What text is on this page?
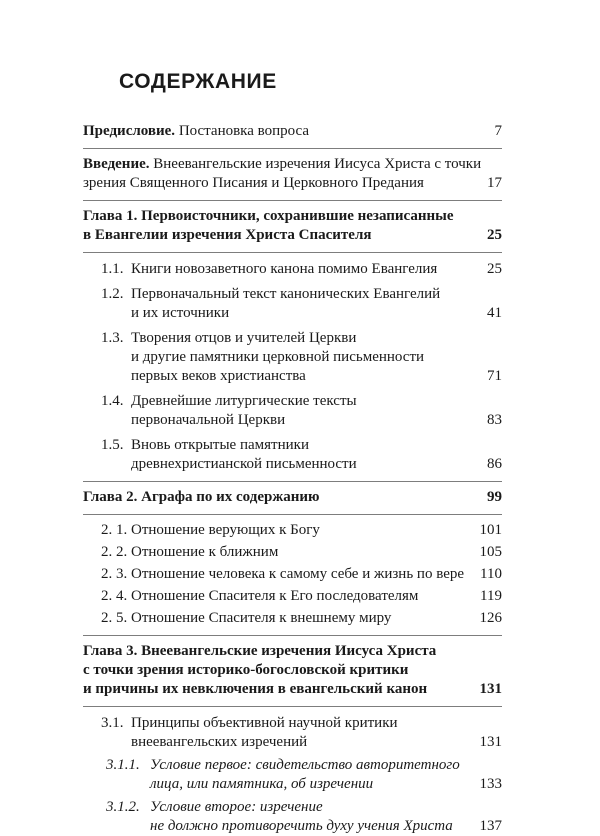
СОДЕРЖАНИЕ
Предисловие. Постановка вопроса	7
Введение. Внеевангельские изречения Иисуса Христа с точки
зрения Священного Писания и Церковного Предания	17
Глава 1. Первоисточники, сохранившие незаписанные
в Евангелии изречения Христа Спасителя	25
1.1. Книги новозаветного канона помимо Евангелия	25
1.2. Первоначальный текст канонических Евангелий
и их источники	41
1.3. Творения отцов и учителей Церкви
и другие памятники церковной письменности
первых веков христианства	71
1.4. Древнейшие литургические тексты
первоначальной Церкви	83
1.5. Вновь открытые памятники
древнехристианской письменности	86
Глава 2. Аграфа по их содержанию	99
2. 1. Отношение верующих к Богу	101
2. 2. Отношение к ближним	105
2. 3. Отношение человека к самому себе и жизнь по вере	110
2. 4. Отношение Спасителя к Его последователям	119
2. 5. Отношение Спасителя к внешнему миру	126
Глава 3. Внеевангельские изречения Иисуса Христа
с точки зрения историко-богословской критики
и причины их невключения в евангельский канон	131
3.1. Принципы объективной научной критики
внеевангельских изречений	131
3.1.1. Условие первое: свидетельство авторитетного
лица, или памятника, об изречении	133
3.1.2. Условие второе: изречение
не должно противоречить духу учения Христа	137
